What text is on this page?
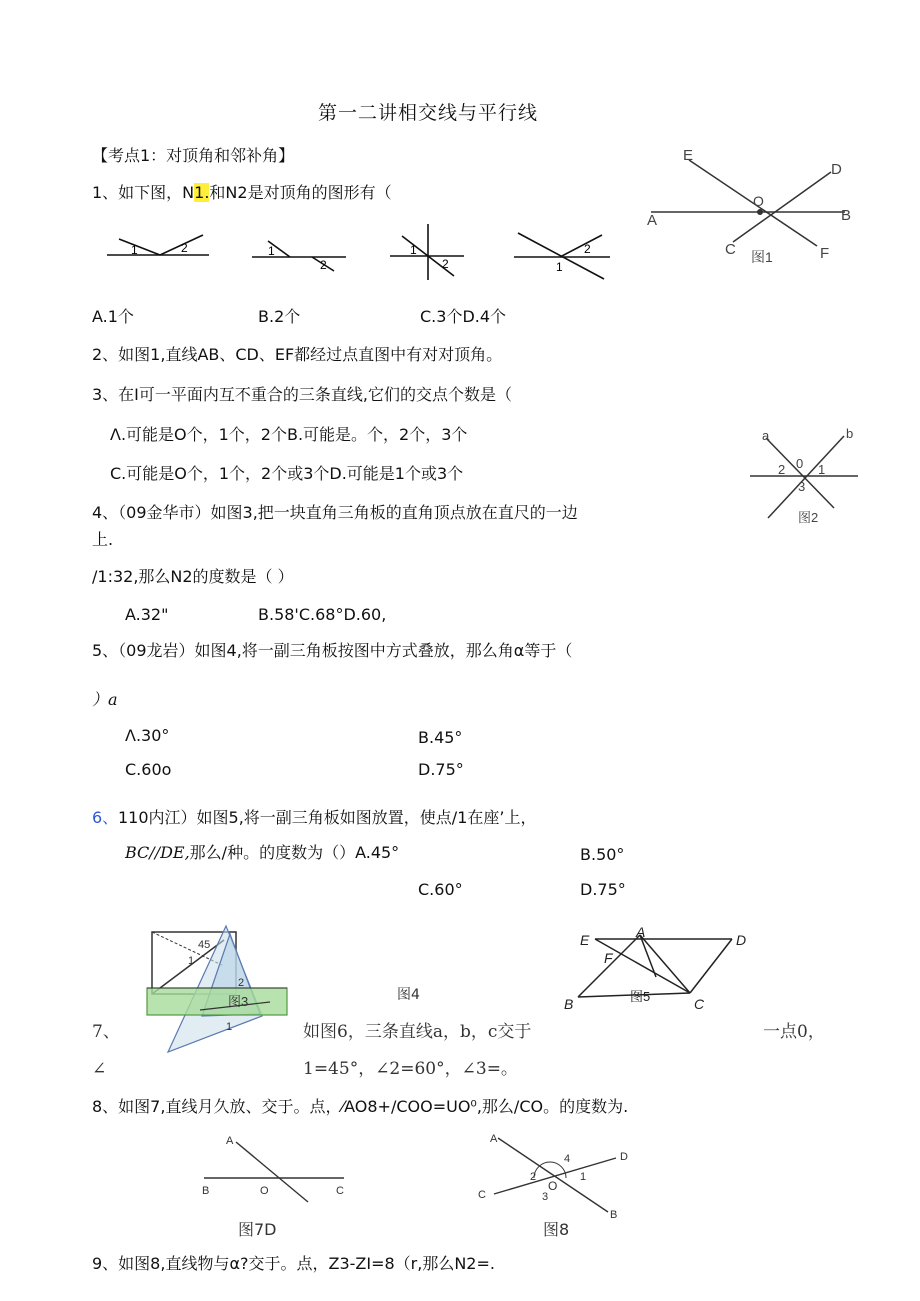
第一二讲相交线与平行线
【考点1：对顶角和邻补角】
1、如下图，N1.和N2是对顶角的图形有（
1	2	1
2
1
2
2
1
A	B
C
D
E
F
O
图1
A.1个	B.2个	C.3个D.4个
2、如图1,直线AB、CD、EF都经过点直图中有对对顶角。
3、在I可一平面内互不重合的三条直线,它们的交点个数是（
Λ.可能是O个，1个，2个B.可能是。个，2个，3个
C.可能是O个，1个，2个或3个D.可能是1个或3个
a	b
0 1
2
3
图2
4、（09金华市）如图3,把一块直角三角板的直角顶点放在直尺的一边
上.
/1:32,那么N2的度数是（ ）
A.32"	B.58'C.68°D.60,
5、（09龙岩）如图4,将一副三角板按图中方式叠放，那么角α等于（
）a
Λ.30°	B.45°
C.60o	D.75°
6、 110内江）如图5,将一副三角板如图放置，使点/1在座’上，
BC//DE,那么/种。的度数为（）A.45°	B.50°
C.60°	D.75°
45
1
2
1
图3	图4
A
B	C
D
E
F
图5
7、	如图6，三条直线a，b，c交于	一点0，
∠	1=45°，∠2=60°，∠3=。
8、如图7,直线月久放、交于。点，⁄AO8+/COO=UO⁰,那么/CO。的度数为.
A
B	C
O
图7D
A
B
C
D
O
1
2
3
4
图8
9、如图8,直线物与α?交于。点，Z3-ZI=8（r,那么N2=.
